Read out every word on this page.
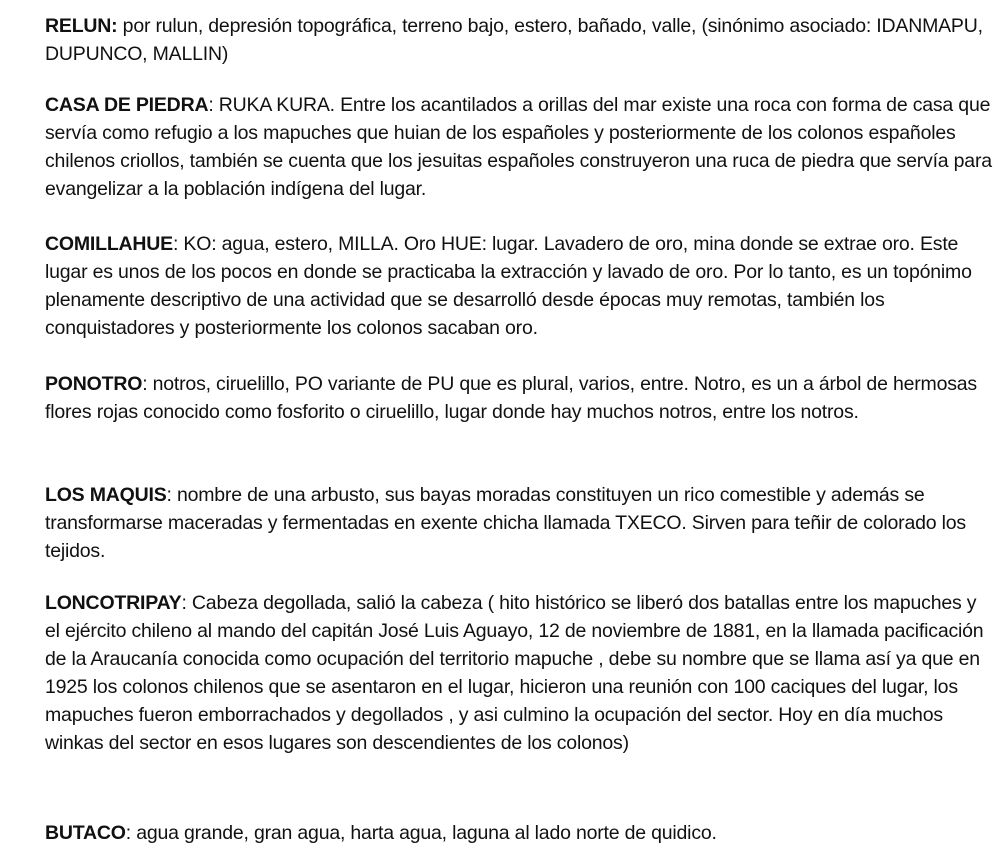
RELUN: por rulun, depresión topográfica, terreno bajo, estero, bañado, valle, (sinónimo asociado: IDANMAPU, DUPUNCO, MALLIN)

CASA DE PIEDRA: RUKA KURA. Entre los acantilados a orillas del mar existe una roca con forma de casa que servía como refugio a los mapuches que huian de los españoles y posteriormente de los colonos españoles chilenos criollos, también se cuenta que los jesuitas españoles construyeron una ruca de piedra que servía para evangelizar a la población indígena del lugar.

COMILLAHUE: KO: agua, estero, MILLA. Oro HUE: lugar. Lavadero de oro, mina donde se extrae oro. Este lugar es unos de los pocos en donde se practicaba la extracción y lavado de oro. Por lo tanto, es un topónimo plenamente descriptivo de una actividad que se desarrolló desde épocas muy remotas, también los conquistadores y posteriormente los colonos sacaban oro.

PONOTRO: notros, ciruelillo, PO variante de PU que es plural, varios, entre. Notro, es un a árbol de hermosas flores rojas conocido como fosforito o ciruelillo, lugar donde hay muchos notros, entre los notros.

LOS MAQUIS: nombre de una arbusto, sus bayas moradas constituyen un rico comestible y además se transformarse maceradas y fermentadas en exente chicha llamada TXECO. Sirven para teñir de colorado los tejidos.

LONCOTRIPAY: Cabeza degollada, salió la cabeza ( hito histórico se liberó dos batallas entre los mapuches y el ejército chileno al mando del capitán José Luis Aguayo, 12 de noviembre de 1881, en la llamada pacificación de la Araucanía conocida como ocupación del territorio mapuche , debe su nombre que se llama así ya que en 1925 los colonos chilenos que se asentaron en el lugar, hicieron una reunión con 100 caciques del lugar, los mapuches fueron emborrachados y degollados , y asi culmino la ocupación del sector. Hoy en día muchos winkas del sector en esos lugares son descendientes de los colonos)

BUTACO: agua grande, gran agua, harta agua, laguna al lado norte de quidico.
